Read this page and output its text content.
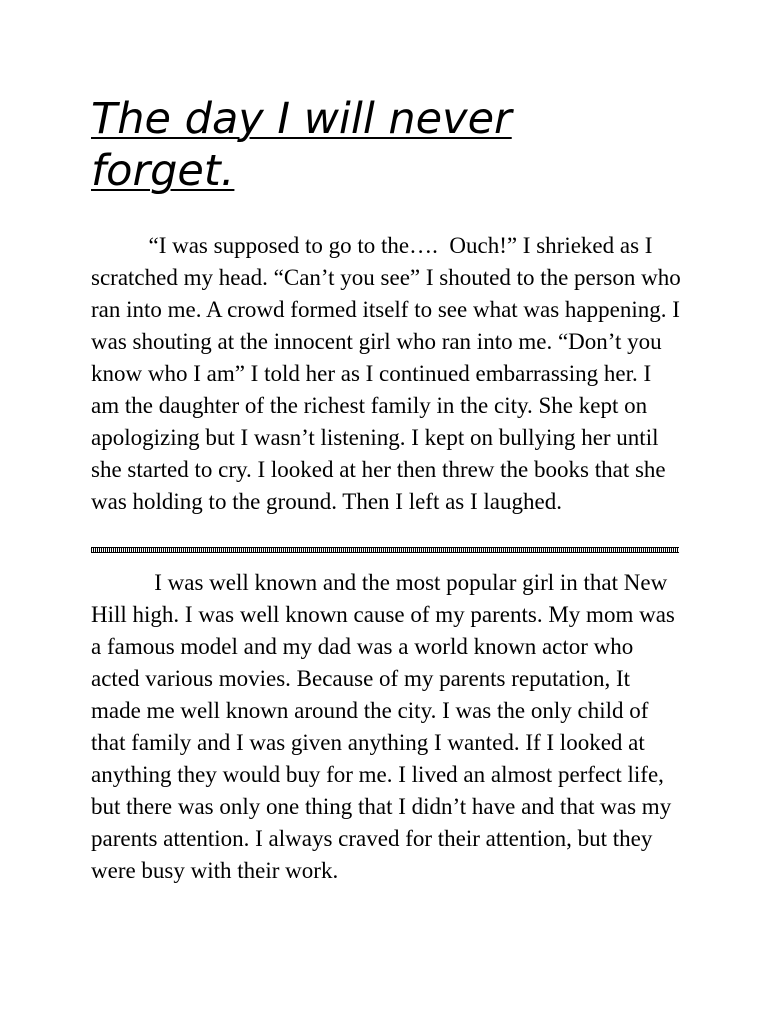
The day I will never forget.

“I was supposed to go to the….  Ouch!” I shrieked as I scratched my head. “Can’t you see” I shouted to the person who ran into me. A crowd formed itself to see what was happening. I was shouting at the innocent girl who ran into me. “Don’t you know who I am” I told her as I continued embarrassing her. I am the daughter of the richest family in the city. She kept on apologizing but I wasn’t listening. I kept on bullying her until she started to cry. I looked at her then threw the books that she was holding to the ground. Then I left as I laughed.

I was well known and the most popular girl in that New Hill high. I was well known cause of my parents. My mom was a famous model and my dad was a world known actor who acted various movies. Because of my parents reputation, It made me well known around the city. I was the only child of that family and I was given anything I wanted. If I looked at anything they would buy for me. I lived an almost perfect life, but there was only one thing that I didn’t have and that was my parents attention. I always craved for their attention, but they were busy with their work.
